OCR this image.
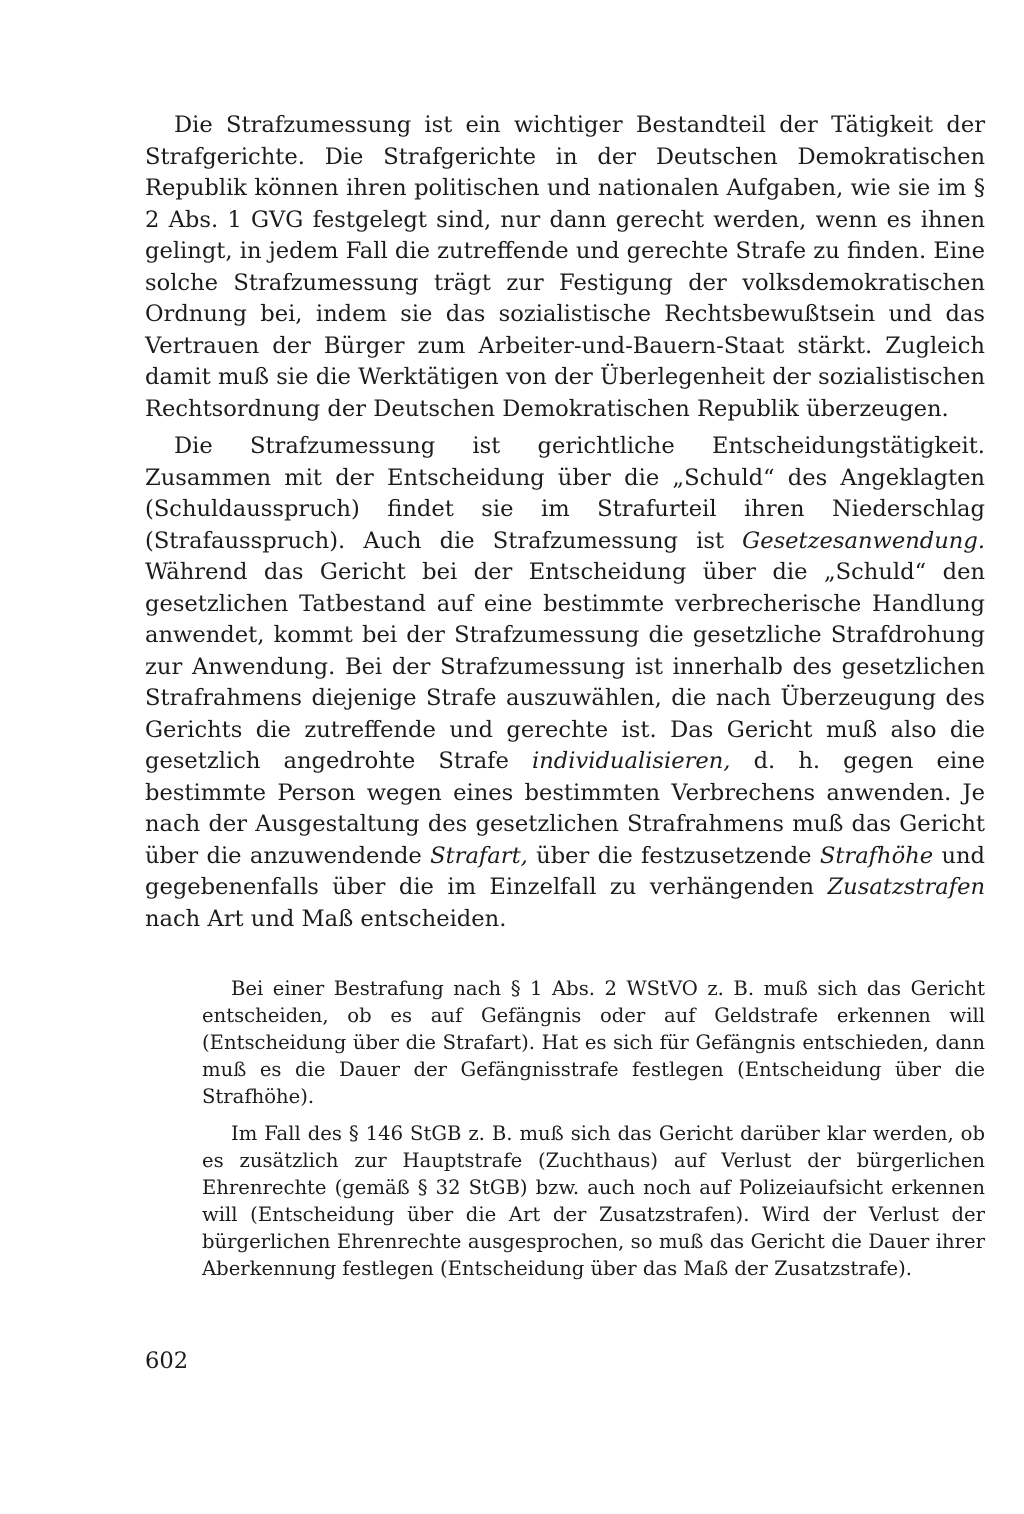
Die Strafzumessung ist ein wichtiger Bestandteil der Tätigkeit der Strafgerichte. Die Strafgerichte in der Deutschen Demokratischen Republik können ihren politischen und nationalen Aufgaben, wie sie im § 2 Abs. 1 GVG festgelegt sind, nur dann gerecht werden, wenn es ihnen gelingt, in jedem Fall die zutreffende und gerechte Strafe zu finden. Eine solche Strafzumessung trägt zur Festigung der volksdemokratischen Ordnung bei, indem sie das sozialistische Rechtsbewußtsein und das Vertrauen der Bürger zum Arbeiter-und-Bauern-Staat stärkt. Zugleich damit muß sie die Werktätigen von der Überlegenheit der sozialistischen Rechtsordnung der Deutschen Demokratischen Republik überzeugen.

Die Strafzumessung ist gerichtliche Entscheidungstätigkeit. Zusammen mit der Entscheidung über die „Schuld“ des Angeklagten (Schuldausspruch) findet sie im Strafurteil ihren Niederschlag (Strafausspruch). Auch die Strafzumessung ist Gesetzesanwendung. Während das Gericht bei der Entscheidung über die „Schuld“ den gesetzlichen Tatbestand auf eine bestimmte verbrecherische Handlung anwendet, kommt bei der Strafzumessung die gesetzliche Strafdrohung zur Anwendung. Bei der Strafzumessung ist innerhalb des gesetzlichen Strafrahmens diejenige Strafe auszuwählen, die nach Überzeugung des Gerichts die zutreffende und gerechte ist. Das Gericht muß also die gesetzlich angedrohte Strafe individualisieren, d. h. gegen eine bestimmte Person wegen eines bestimmten Verbrechens anwenden. Je nach der Ausgestaltung des gesetzlichen Strafrahmens muß das Gericht über die anzuwendende Strafart, über die festzusetzende Strafhöhe und gegebenenfalls über die im Einzelfall zu verhängenden Zusatzstrafen nach Art und Maß entscheiden.

Bei einer Bestrafung nach § 1 Abs. 2 WStVO z. B. muß sich das Gericht entscheiden, ob es auf Gefängnis oder auf Geldstrafe erkennen will (Entscheidung über die Strafart). Hat es sich für Gefängnis entschieden, dann muß es die Dauer der Gefängnisstrafe festlegen (Entscheidung über die Strafhöhe).

Im Fall des § 146 StGB z. B. muß sich das Gericht darüber klar werden, ob es zusätzlich zur Hauptstrafe (Zuchthaus) auf Verlust der bürgerlichen Ehrenrechte (gemäß § 32 StGB) bzw. auch noch auf Polizeiaufsicht erkennen will (Entscheidung über die Art der Zusatzstrafen). Wird der Verlust der bürgerlichen Ehrenrechte ausgesprochen, so muß das Gericht die Dauer ihrer Aberkennung festlegen (Entscheidung über das Maß der Zusatzstrafe).

602
